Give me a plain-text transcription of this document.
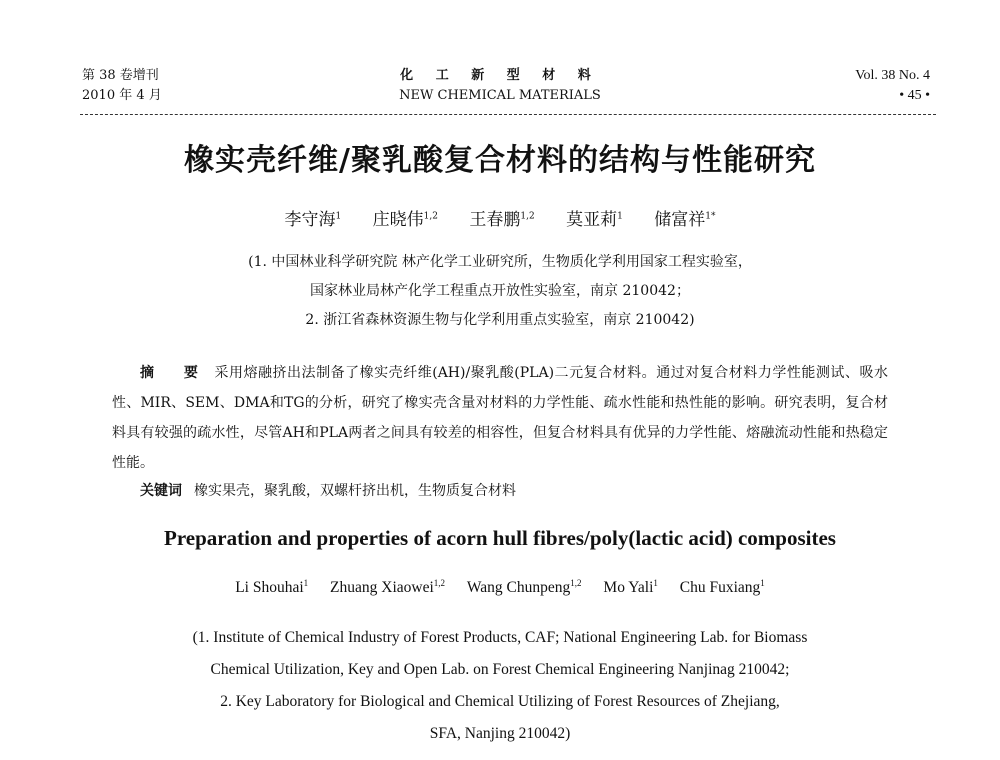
第 38 卷增刊
2010 年 4 月
化 工 新 型 材 料
NEW CHEMICAL MATERIALS
Vol. 38 No. 4
• 45 •
橡实壳纤维/聚乳酸复合材料的结构与性能研究
李守海$^1$ 庄晓伟$^{1,2}$ 王春鹏$^{1,2}$ 莫亚莉$^1$ 储富祥$^{1*}$
(1. 中国林业科学研究院 林产化学工业研究所，生物质化学利用国家工程实验室，
国家林业局林产化学工程重点开放性实验室，南京 210042；
2. 浙江省森林资源生物与化学利用重点实验室，南京 210042)
摘 要 采用熔融挤出法制备了橡实壳纤维(AH)/聚乳酸(PLA)二元复合材料。通过对复合材料力学性能测试、吸水性、MIR、SEM、DMA和TG的分析，研究了橡实壳含量对材料的力学性能、疏水性能和热性能的影响。研究表明，复合材料具有较强的疏水性，尽管AH和PLA两者之间具有较差的相容性，但复合材料具有优异的力学性能、熔融流动性能和热稳定性能。
关键词 橡实果壳，聚乳酸，双螺杆挤出机，生物质复合材料
Preparation and properties of acorn hull fibres/poly(lactic acid) composites
Li Shouhai$^1$ Zhuang Xiaowei$^{1,2}$ Wang Chunpeng$^{1,2}$ Mo Yali$^1$ Chu Fuxiang$^1$
(1. Institute of Chemical Industry of Forest Products, CAF; National Engineering Lab. for Biomass
Chemical Utilization, Key and Open Lab. on Forest Chemical Engineering Nanjinag 210042;
2. Key Laboratory for Biological and Chemical Utilizing of Forest Resources of Zhejiang,
SFA, Nanjing 210042)
